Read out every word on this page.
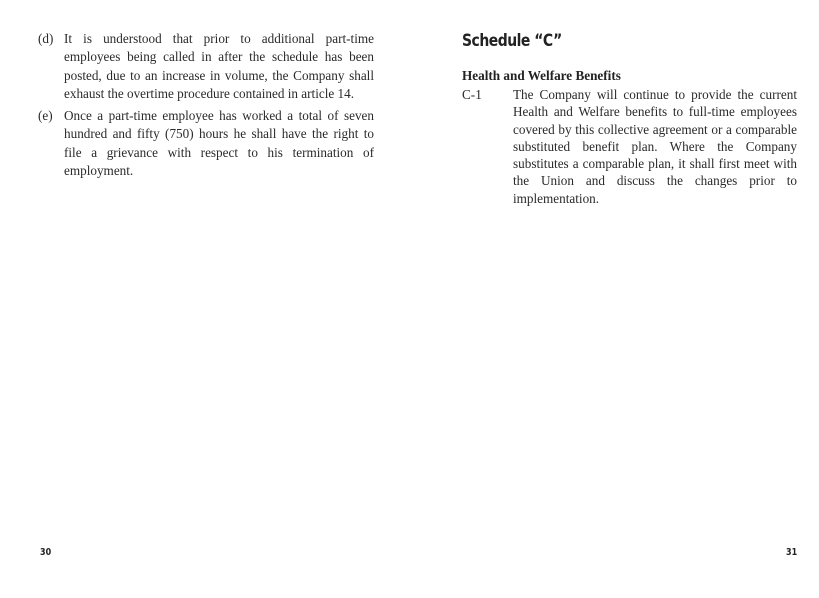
(d) It is understood that prior to additional part-time employees being called in after the schedule has been posted, due to an increase in volume, the Company shall exhaust the overtime procedure contained in article 14.
(e) Once a part-time employee has worked a total of seven hundred and fifty (750) hours he shall have the right to file a grievance with respect to his termination of employment.
30
Schedule “C”
Health and Welfare Benefits
C-1	The Company will continue to provide the current Health and Welfare benefits to full-time employees covered by this collective agreement or a comparable substituted benefit plan. Where the Company substitutes a comparable plan, it shall first meet with the Union and discuss the changes prior to implementation.
31
